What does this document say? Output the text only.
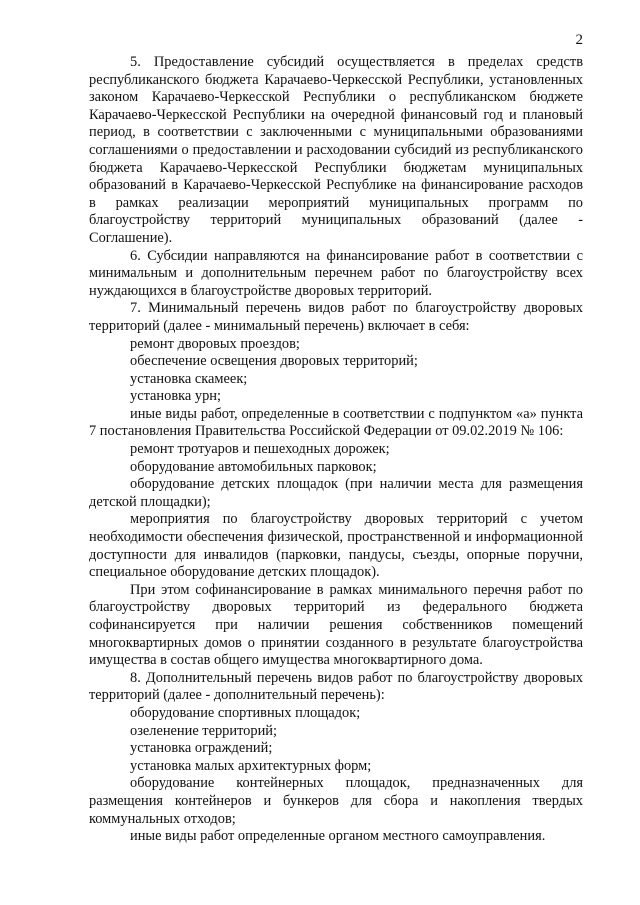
2

5. Предоставление субсидий осуществляется в пределах средств республиканского бюджета Карачаево-Черкесской Республики, установленных законом Карачаево-Черкесской Республики о республиканском бюджете Карачаево-Черкесской Республики на очередной финансовый год и плановый период, в соответствии с заключенными с муниципальными образованиями соглашениями о предоставлении и расходовании субсидий из республиканского бюджета Карачаево-Черкесской Республики бюджетам муниципальных образований в Карачаево-Черкесской Республике на финансирование расходов в рамках реализации мероприятий муниципальных программ по благоустройству территорий муниципальных образований (далее - Соглашение).

6. Субсидии направляются на финансирование работ в соответствии с минимальным и дополнительным перечнем работ по благоустройству всех нуждающихся в благоустройстве дворовых территорий.

7. Минимальный перечень видов работ по благоустройству дворовых территорий (далее - минимальный перечень) включает в себя:

ремонт дворовых проездов;

обеспечение освещения дворовых территорий;

установка скамеек;

установка урн;

иные виды работ, определенные в соответствии с подпунктом «а» пункта 7 постановления Правительства Российской Федерации от 09.02.2019 № 106:

ремонт тротуаров и пешеходных дорожек;

оборудование автомобильных парковок;

оборудование детских площадок (при наличии места для размещения детской площадки);

мероприятия по благоустройству дворовых территорий с учетом необходимости обеспечения физической, пространственной и информационной доступности для инвалидов (парковки, пандусы, съезды, опорные поручни, специальное оборудование детских площадок).

При этом софинансирование в рамках минимального перечня работ по благоустройству дворовых территорий из федерального бюджета софинансируется при наличии решения собственников помещений многоквартирных домов о принятии созданного в результате благоустройства имущества в состав общего имущества многоквартирного дома.

8. Дополнительный перечень видов работ по благоустройству дворовых территорий (далее - дополнительный перечень):

оборудование спортивных площадок;

озеленение территорий;

установка ограждений;

установка малых архитектурных форм;

оборудование контейнерных площадок, предназначенных для размещения контейнеров и бункеров для сбора и накопления твердых коммунальных отходов;

иные виды работ определенные органом местного самоуправления.
